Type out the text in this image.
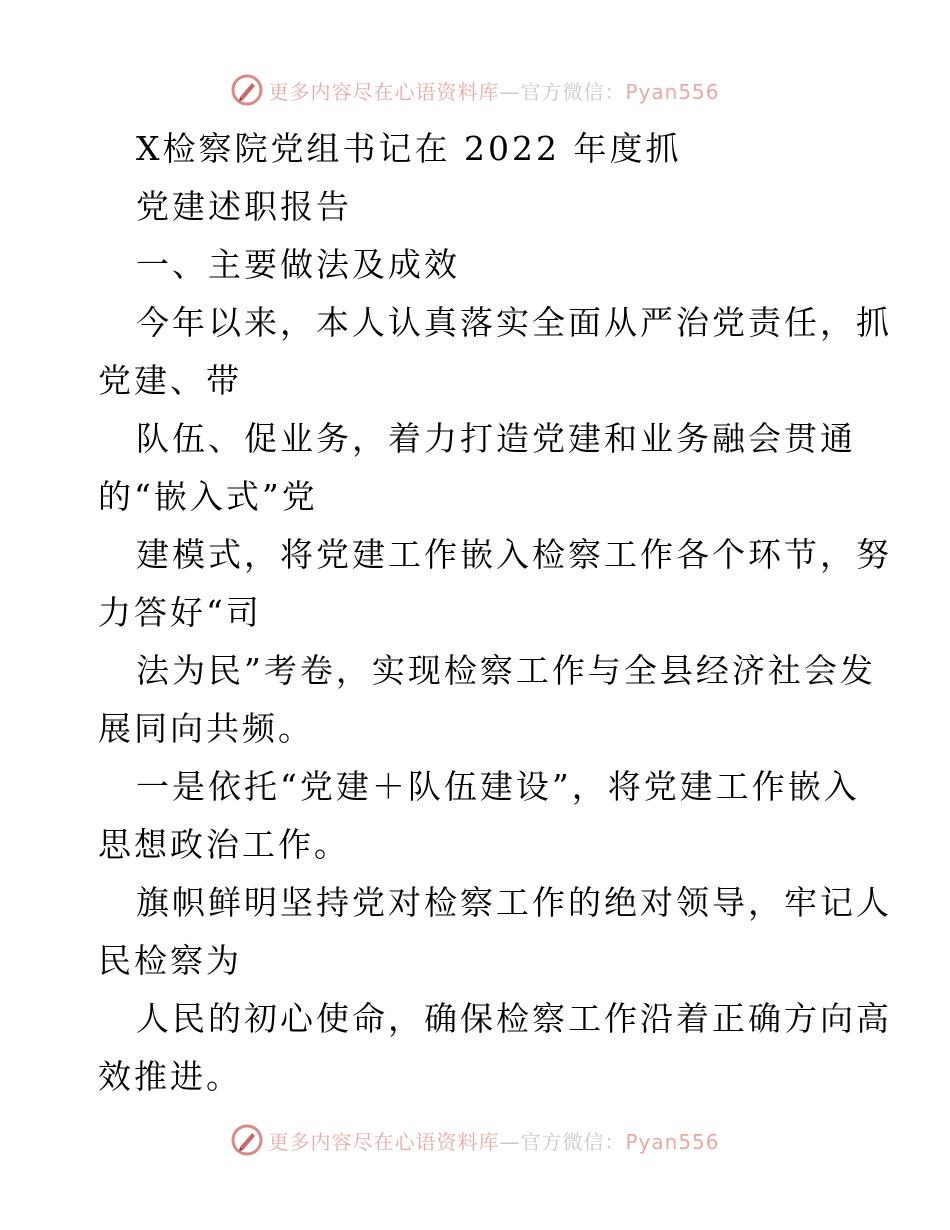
更多内容尽在心语资料库—官方微信：Pyan556
X检察院党组书记在 2022 年度抓
党建述职报告
一、主要做法及成效
今年以来，本人认真落实全面从严治党责任，抓
党建、带
队伍、促业务，着力打造党建和业务融会贯通
的“嵌入式”党
建模式，将党建工作嵌入检察工作各个环节，努
力答好“司
法为民”考卷，实现检察工作与全县经济社会发
展同向共频。
一是依托“党建＋队伍建设”，将党建工作嵌入
思想政治工作。
旗帜鲜明坚持党对检察工作的绝对领导，牢记人
民检察为
人民的初心使命，确保检察工作沿着正确方向高
效推进。
更多内容尽在心语资料库—官方微信：Pyan556
